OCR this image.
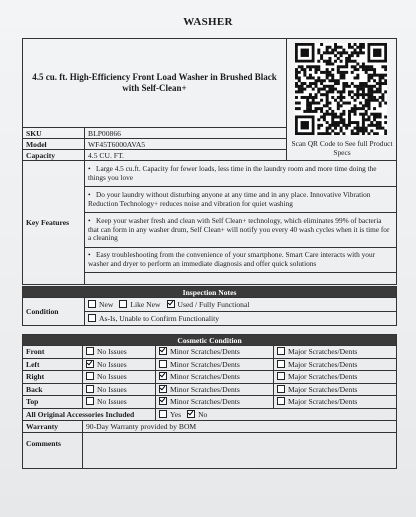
WASHER
4.5 cu. ft. High-Efficiency Front Load Washer in Brushed Black with Self-Clean+		Scan QR Code to See full Product Specs

SKU	BLP00866	
Model	WF45T6000AVA5	
Capacity	4.5 CU. FT.	
Key Features	• Large 4.5 cu.ft. Capacity for fewer loads, less time in the laundry room and more time doing the things you love
• Do your laundry without disturbing anyone at any time and in any place. Innovative Vibration Reduction Technology+ reduces noise and vibration for quiet washing
• Keep your washer fresh and clean with Self Clean+ technology, which eliminates 99% of bacteria that can form in any washer drum, Self Clean+ will notify you every 40 wash cycles when it is time for a cleaning
• Easy troubleshooting from the convenience of your smartphone. Smart Care interacts with your washer and dryer to perform an immediate diagnosis and offer quick solutions

Inspection Notes
Condition	New Like New Used / Fully Functional
As-Is, Unable to Confirm Functionality
Cosmetic Condition			
Front	No Issues	Minor Scratches/Dents	Major Scratches/Dents
Left	No Issues	Minor Scratches/Dents	Major Scratches/Dents
Right	No Issues	Minor Scratches/Dents	Major Scratches/Dents
Back	No Issues	Minor Scratches/Dents	Major Scratches/Dents
Top	No Issues	Minor Scratches/Dents	Major Scratches/Dents
All Original Accessories Included		Yes No	
Warranty	90-Day Warranty provided by BOM		
Comments			
